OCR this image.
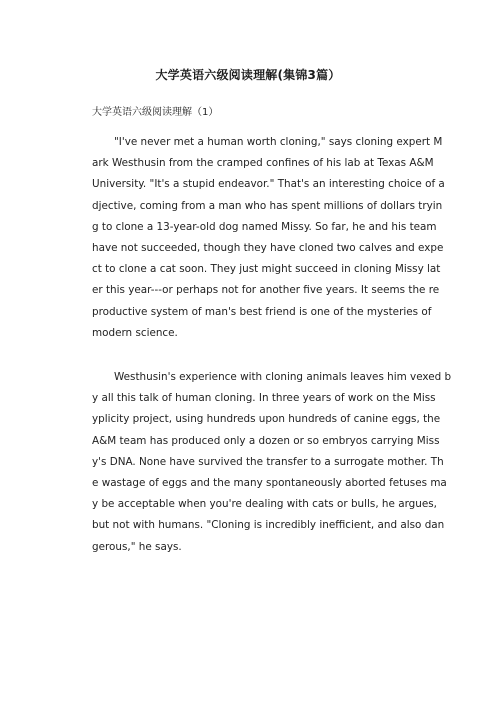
大学英语六级阅读理解(集锦3篇）
大学英语六级阅读理解（1）
"I've never met a human worth cloning," says cloning expert M
ark Westhusin from the cramped confines of his lab at Texas A&M
University. "It's a stupid endeavor." That's an interesting choice of a
djective, coming from a man who has spent millions of dollars tryin
g to clone a 13-year-old dog named Missy. So far, he and his team
have not succeeded, though they have cloned two calves and expe
ct to clone a cat soon. They just might succeed in cloning Missy lat
er this year---or perhaps not for another five years. It seems the re
productive system of man's best friend is one of the mysteries of
modern science.
Westhusin's experience with cloning animals leaves him vexed b
y all this talk of human cloning. In three years of work on the Miss
yplicity project, using hundreds upon hundreds of canine eggs, the
A&M team has produced only a dozen or so embryos carrying Miss
y's DNA. None have survived the transfer to a surrogate mother. Th
e wastage of eggs and the many spontaneously aborted fetuses ma
y be acceptable when you're dealing with cats or bulls, he argues,
but not with humans. "Cloning is incredibly inefficient, and also dan
gerous," he says.
